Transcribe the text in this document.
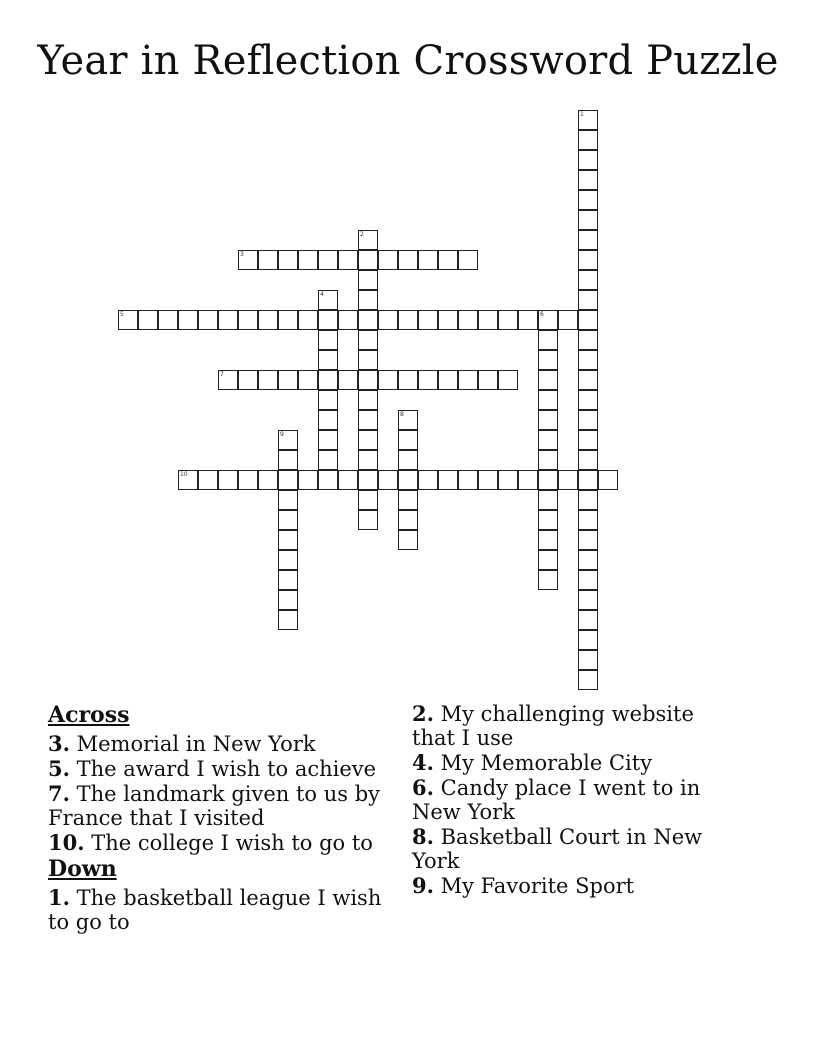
Year in Reflection Crossword Puzzle
1
2
3
4
5	6
7
8
9
10
Across
3. Memorial in New York
5. The award I wish to achieve
7. The landmark given to us by France that I visited
10. The college I wish to go to
Down
1. The basketball league I wish to go to
2. My challenging website that I use
4. My Memorable City
6. Candy place I went to in New York
8. Basketball Court in New York
9. My Favorite Sport
